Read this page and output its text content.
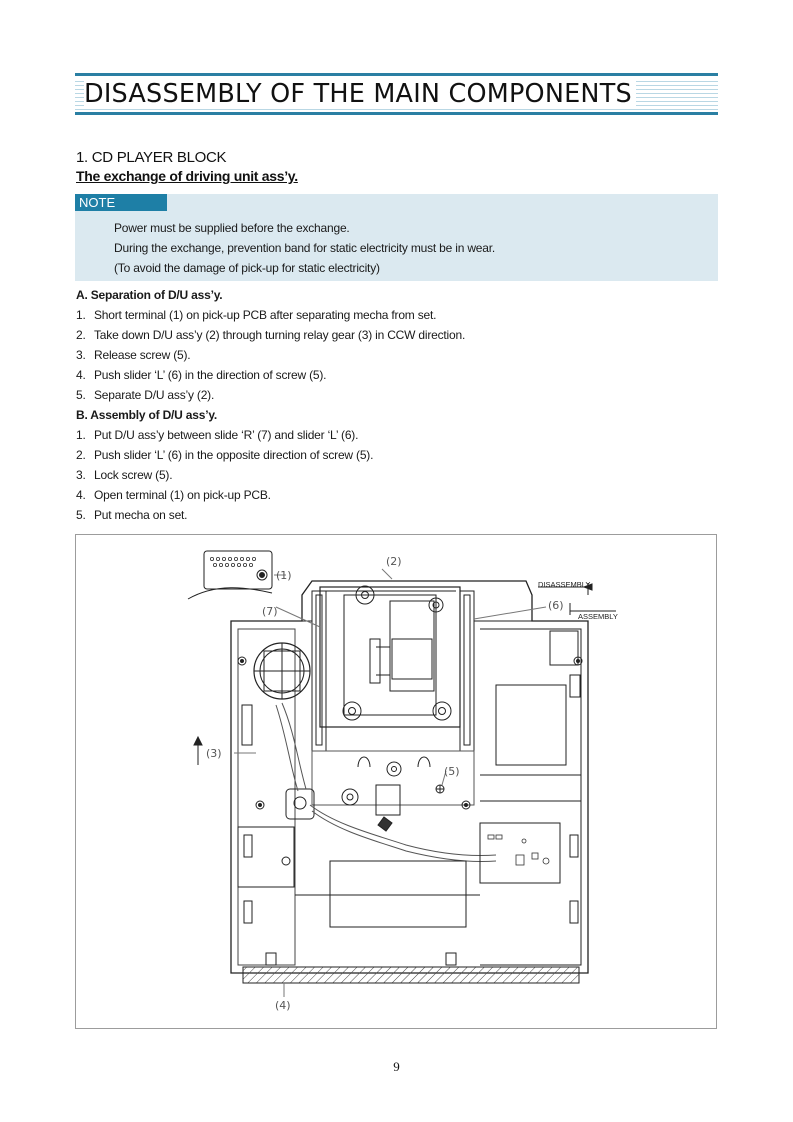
DISASSEMBLY OF THE MAIN COMPONENTS
1. CD PLAYER BLOCK
The exchange of driving unit ass’y.
NOTE
Power must be supplied before the exchange.
During the exchange, prevention band for static electricity must be in wear.
(To avoid the damage of pick-up for static electricity)
A. Separation of D/U ass’y.
1. Short terminal (1) on pick-up PCB after separating mecha from set.
2. Take down D/U ass’y (2) through turning relay gear (3) in CCW direction.
3. Release screw (5).
4. Push slider ‘L’ (6) in the direction of screw (5).
5. Separate D/U ass’y (2).
B. Assembly of D/U ass’y.
1. Put D/U ass’y between slide ‘R’ (7) and slider ‘L’ (6).
2. Push slider ‘L’ (6) in the opposite direction of screw (5).
3. Lock screw (5).
4. Open terminal (1) on pick-up PCB.
5. Put mecha on set.
(1)
(2)
(3)
(4)
(5)
(6)
(7)
DISASSEMBLY
ASSEMBLY
9
